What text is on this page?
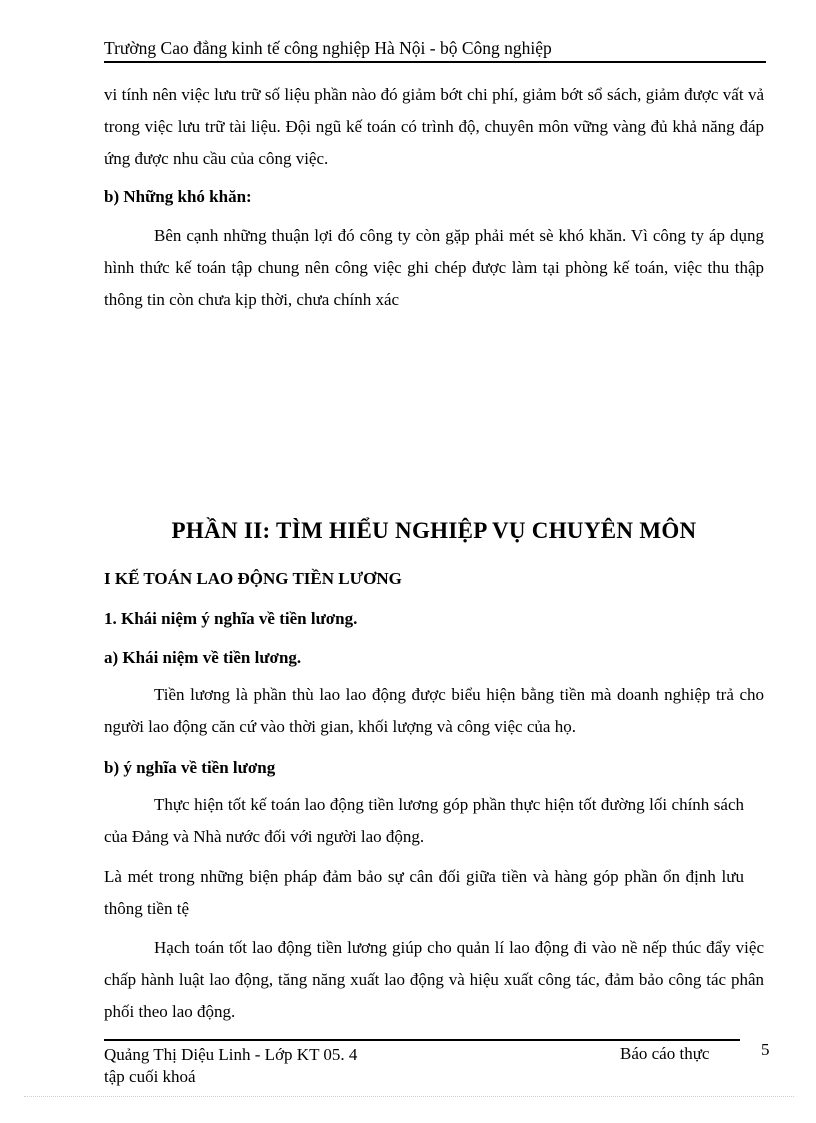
Trường Cao đẳng kinh tế công nghiệp Hà Nội - bộ Công nghiệp
vi tính nên việc lưu trữ số liệu phần nào đó giảm bớt chi phí, giảm bớt sổ sách, giảm được vất vả trong việc lưu trữ tài liệu. Đội ngũ kế toán có trình độ, chuyên môn vững vàng đủ khả năng đáp ứng được nhu cầu của công việc.
b) Những khó khăn:
Bên cạnh những thuận lợi đó công ty còn gặp phải mét sè khó khăn. Vì công ty áp dụng hình thức kế toán tập chung nên công việc ghi chép được làm tại phòng kế toán, việc thu thập thông tin còn chưa kịp thời, chưa chính xác
PHẦN II: TÌM HIỂU NGHIỆP VỤ CHUYÊN MÔN
I KẾ TOÁN LAO ĐỘNG TIỀN LƯƠNG
1. Khái niệm ý nghĩa về tiền lương.
a) Khái niệm về tiền lương.
Tiền lương là phần thù lao lao động được biểu hiện bằng tiền mà doanh nghiệp trả cho người lao động căn cứ vào thời gian, khối lượng và công việc của họ.
b) ý nghĩa về tiền lương
Thực hiện tốt kế toán lao động tiền lương góp phần thực hiện tốt đường lối chính sách của Đảng và Nhà nước đối với người lao động.
Là mét trong những biện pháp đảm bảo sự cân đối giữa tiền và hàng góp phần ổn định lưu thông tiền tệ
Hạch toán tốt lao động tiền lương giúp cho quản lí lao động đi vào nề nếp thúc đẩy việc chấp hành luật lao động, tăng năng xuất lao động và hiệu xuất công tác, đảm bảo công tác phân phối theo lao động.
Quảng Thị Diệu Linh - Lớp KT 05. 4
tập cuối khoá
Báo cáo thực	5
